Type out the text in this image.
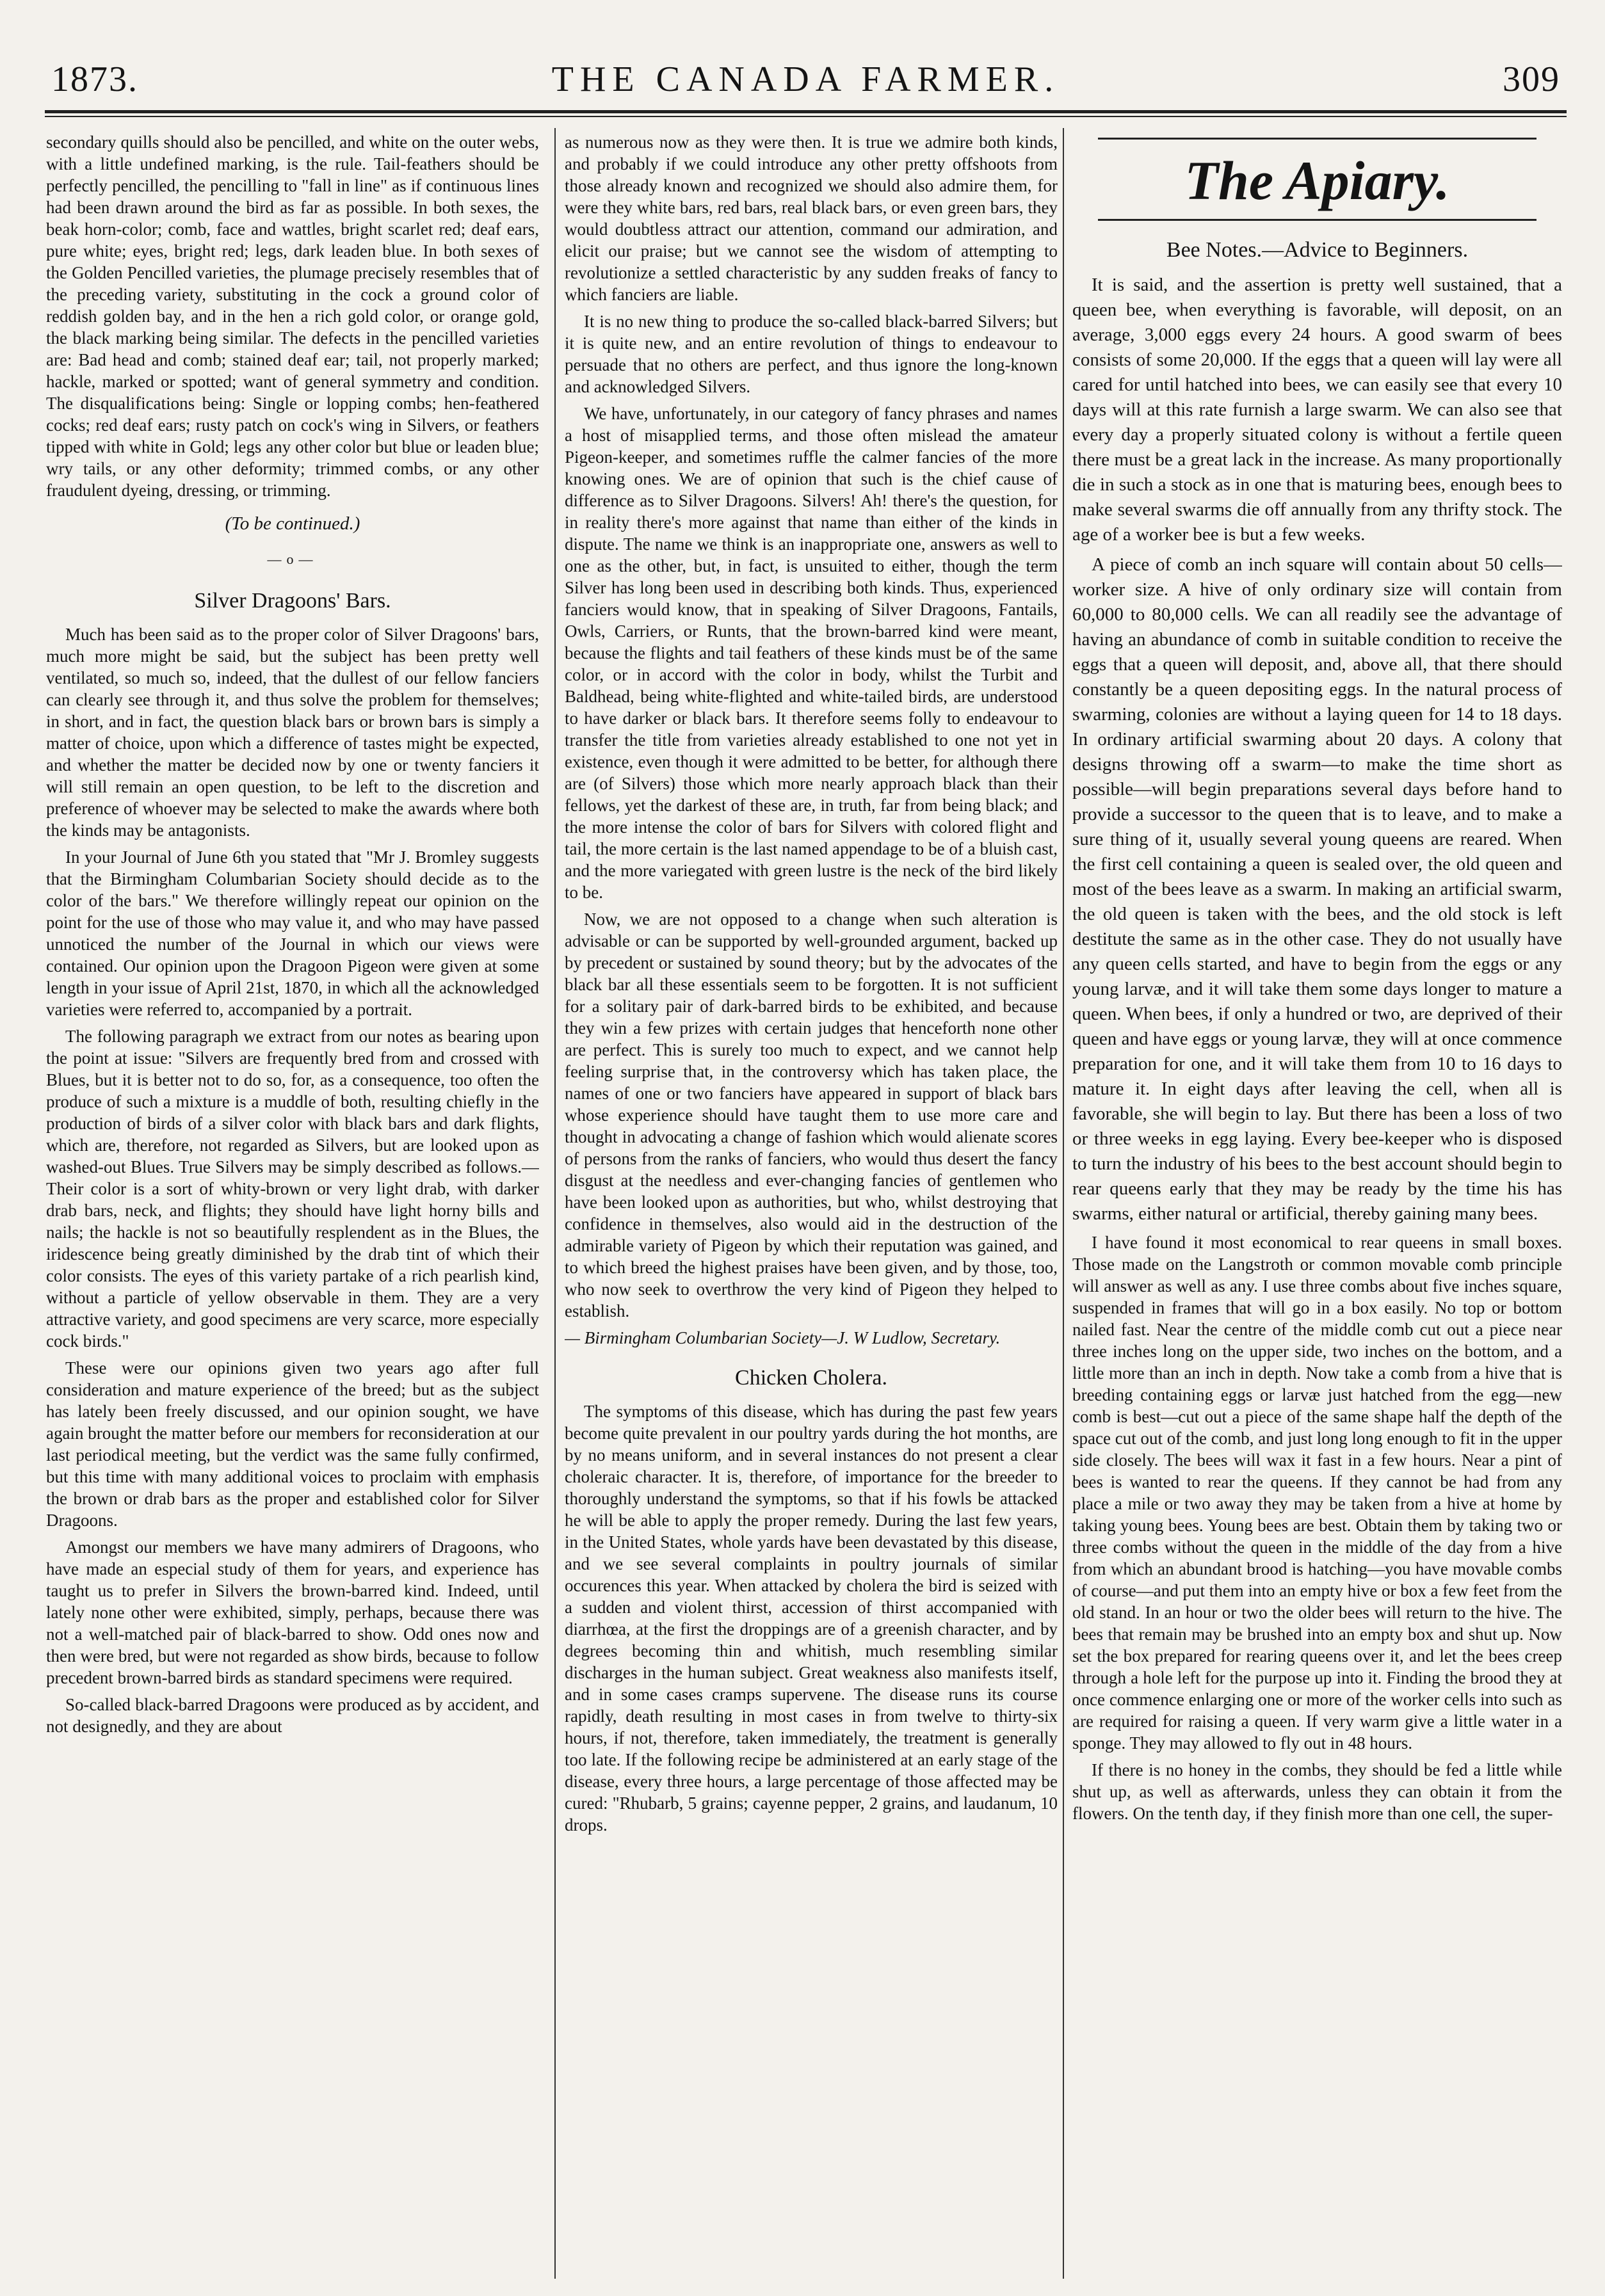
1873.	THE CANADA FARMER.	309

secondary quills should also be pencilled, and white on the outer webs, with a little undefined marking, is the rule. Tail-feathers should be perfectly pencilled, the pencilling to "fall in line" as if continuous lines had been drawn around the bird as far as possible. In both sexes, the beak horn-color; comb, face and wattles, bright scarlet red; deaf ears, pure white; eyes, bright red; legs, dark leaden blue. In both sexes of the Golden Pencilled varieties, the plumage precisely resembles that of the preceding variety, substituting in the cock a ground color of reddish golden bay, and in the hen a rich gold color, or orange gold, the black marking being similar. The defects in the pencilled varieties are: Bad head and comb; stained deaf ear; tail, not properly marked; hackle, marked or spotted; want of general symmetry and condition. The disqualifications being: Single or lopping combs; hen-feathered cocks; red deaf ears; rusty patch on cock's wing in Silvers, or feathers tipped with white in Gold; legs any other color but blue or leaden blue; wry tails, or any other deformity; trimmed combs, or any other fraudulent dyeing, dressing, or trimming.

(To be continued.)
—o—
Silver Dragoons' Bars.

Much has been said as to the proper color of Silver Dragoons' bars, much more might be said, but the subject has been pretty well ventilated, so much so, indeed, that the dullest of our fellow fanciers can clearly see through it, and thus solve the problem for themselves; in short, and in fact, the question black bars or brown bars is simply a matter of choice, upon which a difference of tastes might be expected, and whether the matter be decided now by one or twenty fanciers it will still remain an open question, to be left to the discretion and preference of whoever may be selected to make the awards where both the kinds may be antagonists.

In your Journal of June 6th you stated that "Mr J. Bromley suggests that the Birmingham Columbarian Society should decide as to the color of the bars." We therefore willingly repeat our opinion on the point for the use of those who may value it, and who may have passed unnoticed the number of the Journal in which our views were contained. Our opinion upon the Dragoon Pigeon were given at some length in your issue of April 21st, 1870, in which all the acknowledged varieties were referred to, accompanied by a portrait.

The following paragraph we extract from our notes as bearing upon the point at issue: "Silvers are frequently bred from and crossed with Blues, but it is better not to do so, for, as a consequence, too often the produce of such a mixture is a muddle of both, resulting chiefly in the production of birds of a silver color with black bars and dark flights, which are, therefore, not regarded as Silvers, but are looked upon as washed-out Blues. True Silvers may be simply described as follows.—Their color is a sort of whity-brown or very light drab, with darker drab bars, neck, and flights; they should have light horny bills and nails; the hackle is not so beautifully resplendent as in the Blues, the iridescence being greatly diminished by the drab tint of which their color consists. The eyes of this variety partake of a rich pearlish kind, without a particle of yellow observable in them. They are a very attractive variety, and good specimens are very scarce, more especially cock birds."

These were our opinions given two years ago after full consideration and mature experience of the breed; but as the subject has lately been freely discussed, and our opinion sought, we have again brought the matter before our members for reconsideration at our last periodical meeting, but the verdict was the same fully confirmed, but this time with many additional voices to proclaim with emphasis the brown or drab bars as the proper and established color for Silver Dragoons.

Amongst our members we have many admirers of Dragoons, who have made an especial study of them for years, and experience has taught us to prefer in Silvers the brown-barred kind. Indeed, until lately none other were exhibited, simply, perhaps, because there was not a well-matched pair of black-barred to show. Odd ones now and then were bred, but were not regarded as show birds, because to follow precedent brown-barred birds as standard specimens were required.

So-called black-barred Dragoons were produced as by accident, and not designedly, and they are about

as numerous now as they were then. It is true we admire both kinds, and probably if we could introduce any other pretty offshoots from those already known and recognized we should also admire them, for were they white bars, red bars, real black bars, or even green bars, they would doubtless attract our attention, command our admiration, and elicit our praise; but we cannot see the wisdom of attempting to revolutionize a settled characteristic by any sudden freaks of fancy to which fanciers are liable.

It is no new thing to produce the so-called black-barred Silvers; but it is quite new, and an entire revolution of things to endeavour to persuade that no others are perfect, and thus ignore the long-known and acknowledged Silvers.

We have, unfortunately, in our category of fancy phrases and names a host of misapplied terms, and those often mislead the amateur Pigeon-keeper, and sometimes ruffle the calmer fancies of the more knowing ones. We are of opinion that such is the chief cause of difference as to Silver Dragoons. Silvers! Ah! there's the question, for in reality there's more against that name than either of the kinds in dispute. The name we think is an inappropriate one, answers as well to one as the other, but, in fact, is unsuited to either, though the term Silver has long been used in describing both kinds. Thus, experienced fanciers would know, that in speaking of Silver Dragoons, Fantails, Owls, Carriers, or Runts, that the brown-barred kind were meant, because the flights and tail feathers of these kinds must be of the same color, or in accord with the color in body, whilst the Turbit and Baldhead, being white-flighted and white-tailed birds, are understood to have darker or black bars. It therefore seems folly to endeavour to transfer the title from varieties already established to one not yet in existence, even though it were admitted to be better, for although there are (of Silvers) those which more nearly approach black than their fellows, yet the darkest of these are, in truth, far from being black; and the more intense the color of bars for Silvers with colored flight and tail, the more certain is the last named appendage to be of a bluish cast, and the more variegated with green lustre is the neck of the bird likely to be.

Now, we are not opposed to a change when such alteration is advisable or can be supported by well-grounded argument, backed up by precedent or sustained by sound theory; but by the advocates of the black bar all these essentials seem to be forgotten. It is not sufficient for a solitary pair of dark-barred birds to be exhibited, and because they win a few prizes with certain judges that henceforth none other are perfect. This is surely too much to expect, and we cannot help feeling surprise that, in the controversy which has taken place, the names of one or two fanciers have appeared in support of black bars whose experience should have taught them to use more care and thought in advocating a change of fashion which would alienate scores of persons from the ranks of fanciers, who would thus desert the fancy disgust at the needless and ever-changing fancies of gentlemen who have been looked upon as authorities, but who, whilst destroying that confidence in themselves, also would aid in the destruction of the admirable variety of Pigeon by which their reputation was gained, and to which breed the highest praises have been given, and by those, too, who now seek to overthrow the very kind of Pigeon they helped to establish.

— Birmingham Columbarian Society—J. W Ludlow, Secretary.

Chicken Cholera.

The symptoms of this disease, which has during the past few years become quite prevalent in our poultry yards during the hot months, are by no means uniform, and in several instances do not present a clear choleraic character. It is, therefore, of importance for the breeder to thoroughly understand the symptoms, so that if his fowls be attacked he will be able to apply the proper remedy. During the last few years, in the United States, whole yards have been devastated by this disease, and we see several complaints in poultry journals of similar occurences this year. When attacked by cholera the bird is seized with a sudden and violent thirst, accession of thirst accompanied with diarrhœa, at the first the droppings are of a greenish character, and by degrees becoming thin and whitish, much resembling similar discharges in the human subject. Great weakness also manifests itself, and in some cases cramps supervene. The disease runs its course rapidly, death resulting in most cases in from twelve to thirty-six hours, if not, therefore, taken immediately, the treatment is generally too late. If the following recipe be administered at an early stage of the disease, every three hours, a large percentage of those affected may be cured: "Rhubarb, 5 grains; cayenne pepper, 2 grains, and laudanum, 10 drops.

The Apiary.
Bee Notes.—Advice to Beginners.

It is said, and the assertion is pretty well sustained, that a queen bee, when everything is favorable, will deposit, on an average, 3,000 eggs every 24 hours. A good swarm of bees consists of some 20,000. If the eggs that a queen will lay were all cared for until hatched into bees, we can easily see that every 10 days will at this rate furnish a large swarm. We can also see that every day a properly situated colony is without a fertile queen there must be a great lack in the increase. As many proportionally die in such a stock as in one that is maturing bees, enough bees to make several swarms die off annually from any thrifty stock. The age of a worker bee is but a few weeks.

A piece of comb an inch square will contain about 50 cells—worker size. A hive of only ordinary size will contain from 60,000 to 80,000 cells. We can all readily see the advantage of having an abundance of comb in suitable condition to receive the eggs that a queen will deposit, and, above all, that there should constantly be a queen depositing eggs. In the natural process of swarming, colonies are without a laying queen for 14 to 18 days. In ordinary artificial swarming about 20 days. A colony that designs throwing off a swarm—to make the time short as possible—will begin preparations several days before hand to provide a successor to the queen that is to leave, and to make a sure thing of it, usually several young queens are reared. When the first cell containing a queen is sealed over, the old queen and most of the bees leave as a swarm. In making an artificial swarm, the old queen is taken with the bees, and the old stock is left destitute the same as in the other case. They do not usually have any queen cells started, and have to begin from the eggs or any young larvæ, and it will take them some days longer to mature a queen. When bees, if only a hundred or two, are deprived of their queen and have eggs or young larvæ, they will at once commence preparation for one, and it will take them from 10 to 16 days to mature it. In eight days after leaving the cell, when all is favorable, she will begin to lay. But there has been a loss of two or three weeks in egg laying. Every bee-keeper who is disposed to turn the industry of his bees to the best account should begin to rear queens early that they may be ready by the time his has swarms, either natural or artificial, thereby gaining many bees.

I have found it most economical to rear queens in small boxes. Those made on the Langstroth or common movable comb principle will answer as well as any. I use three combs about five inches square, suspended in frames that will go in a box easily. No top or bottom nailed fast. Near the centre of the middle comb cut out a piece near three inches long on the upper side, two inches on the bottom, and a little more than an inch in depth. Now take a comb from a hive that is breeding containing eggs or larvæ just hatched from the egg—new comb is best—cut out a piece of the same shape half the depth of the space cut out of the comb, and just long long enough to fit in the upper side closely. The bees will wax it fast in a few hours. Near a pint of bees is wanted to rear the queens. If they cannot be had from any place a mile or two away they may be taken from a hive at home by taking young bees. Young bees are best. Obtain them by taking two or three combs without the queen in the middle of the day from a hive from which an abundant brood is hatching—you have movable combs of course—and put them into an empty hive or box a few feet from the old stand. In an hour or two the older bees will return to the hive. The bees that remain may be brushed into an empty box and shut up. Now set the box prepared for rearing queens over it, and let the bees creep through a hole left for the purpose up into it. Finding the brood they at once commence enlarging one or more of the worker cells into such as are required for raising a queen. If very warm give a little water in a sponge. They may allowed to fly out in 48 hours.

If there is no honey in the combs, they should be fed a little while shut up, as well as afterwards, unless they can obtain it from the flowers. On the tenth day, if they finish more than one cell, the super-
